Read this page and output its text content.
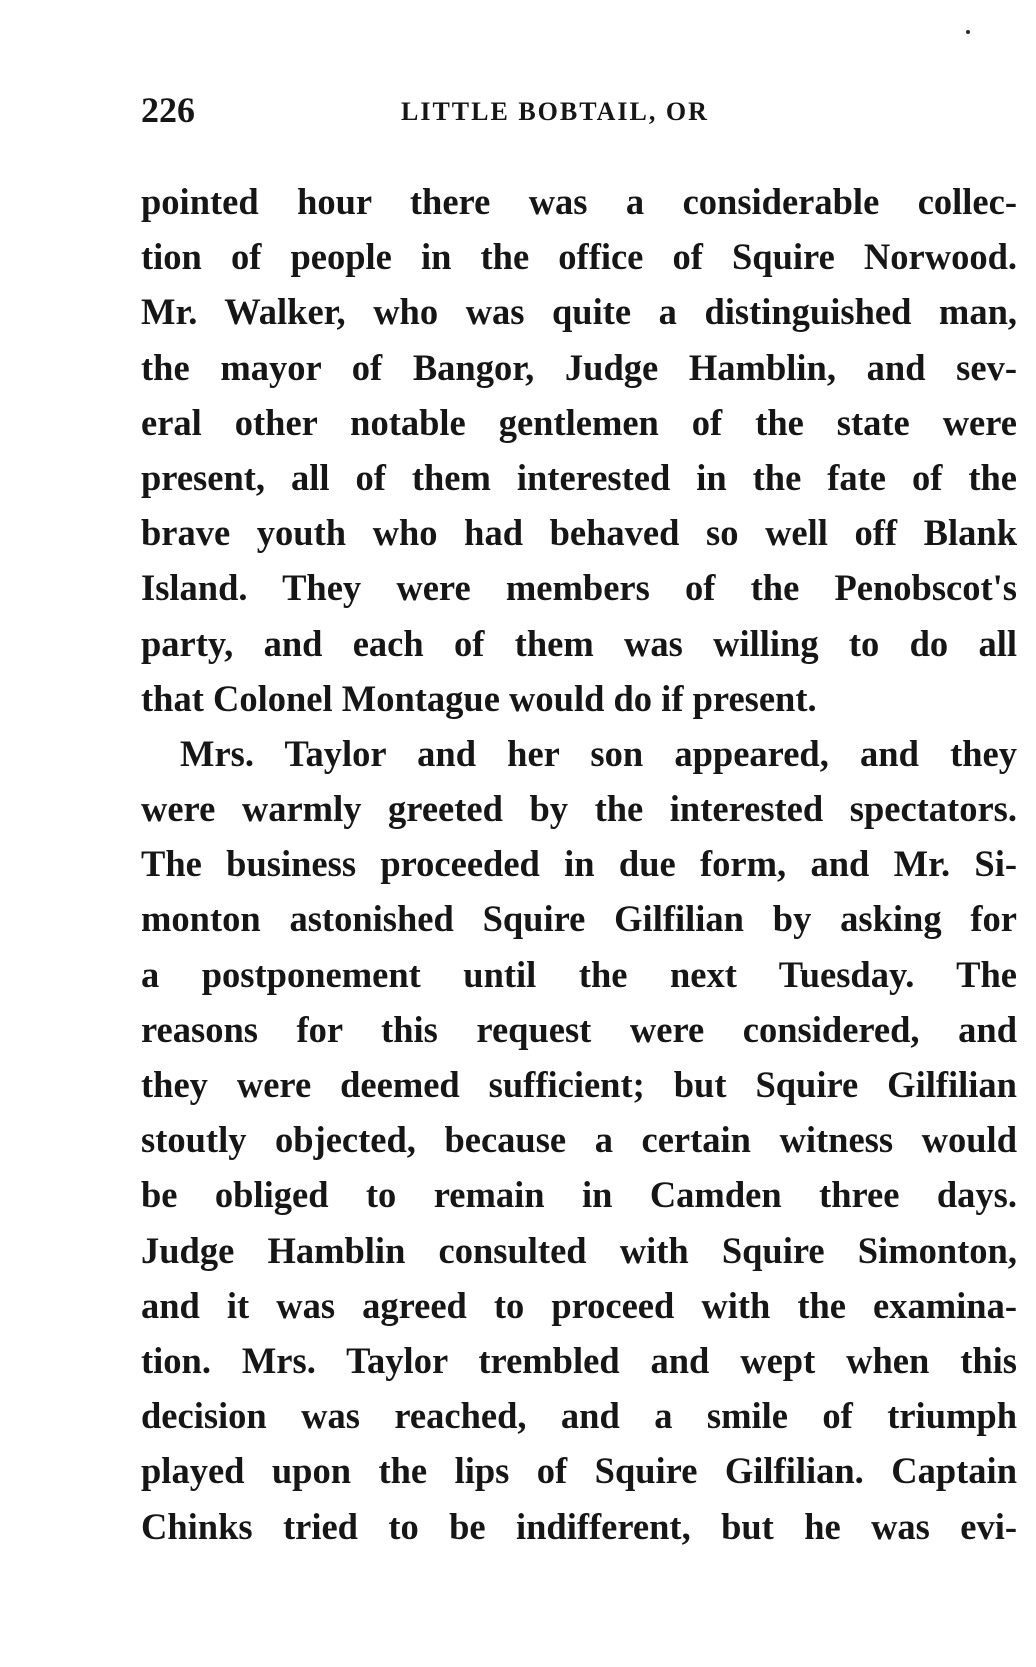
226	LITTLE BOBTAIL, OR
pointed hour there was a considerable collec-
tion of people in the office of Squire Norwood.
Mr. Walker, who was quite a distinguished man,
the mayor of Bangor, Judge Hamblin, and sev-
eral other notable gentlemen of the state were
present, all of them interested in the fate of the
brave youth who had behaved so well off Blank
Island. They were members of the Penobscot's
party, and each of them was willing to do all
that Colonel Montague would do if present.
Mrs. Taylor and her son appeared, and they
were warmly greeted by the interested spectators.
The business proceeded in due form, and Mr. Si-
monton astonished Squire Gilfilian by asking for
a postponement until the next Tuesday. The
reasons for this request were considered, and
they were deemed sufficient; but Squire Gilfilian
stoutly objected, because a certain witness would
be obliged to remain in Camden three days.
Judge Hamblin consulted with Squire Simonton,
and it was agreed to proceed with the examina-
tion. Mrs. Taylor trembled and wept when this
decision was reached, and a smile of triumph
played upon the lips of Squire Gilfilian. Captain
Chinks tried to be indifferent, but he was evi-
